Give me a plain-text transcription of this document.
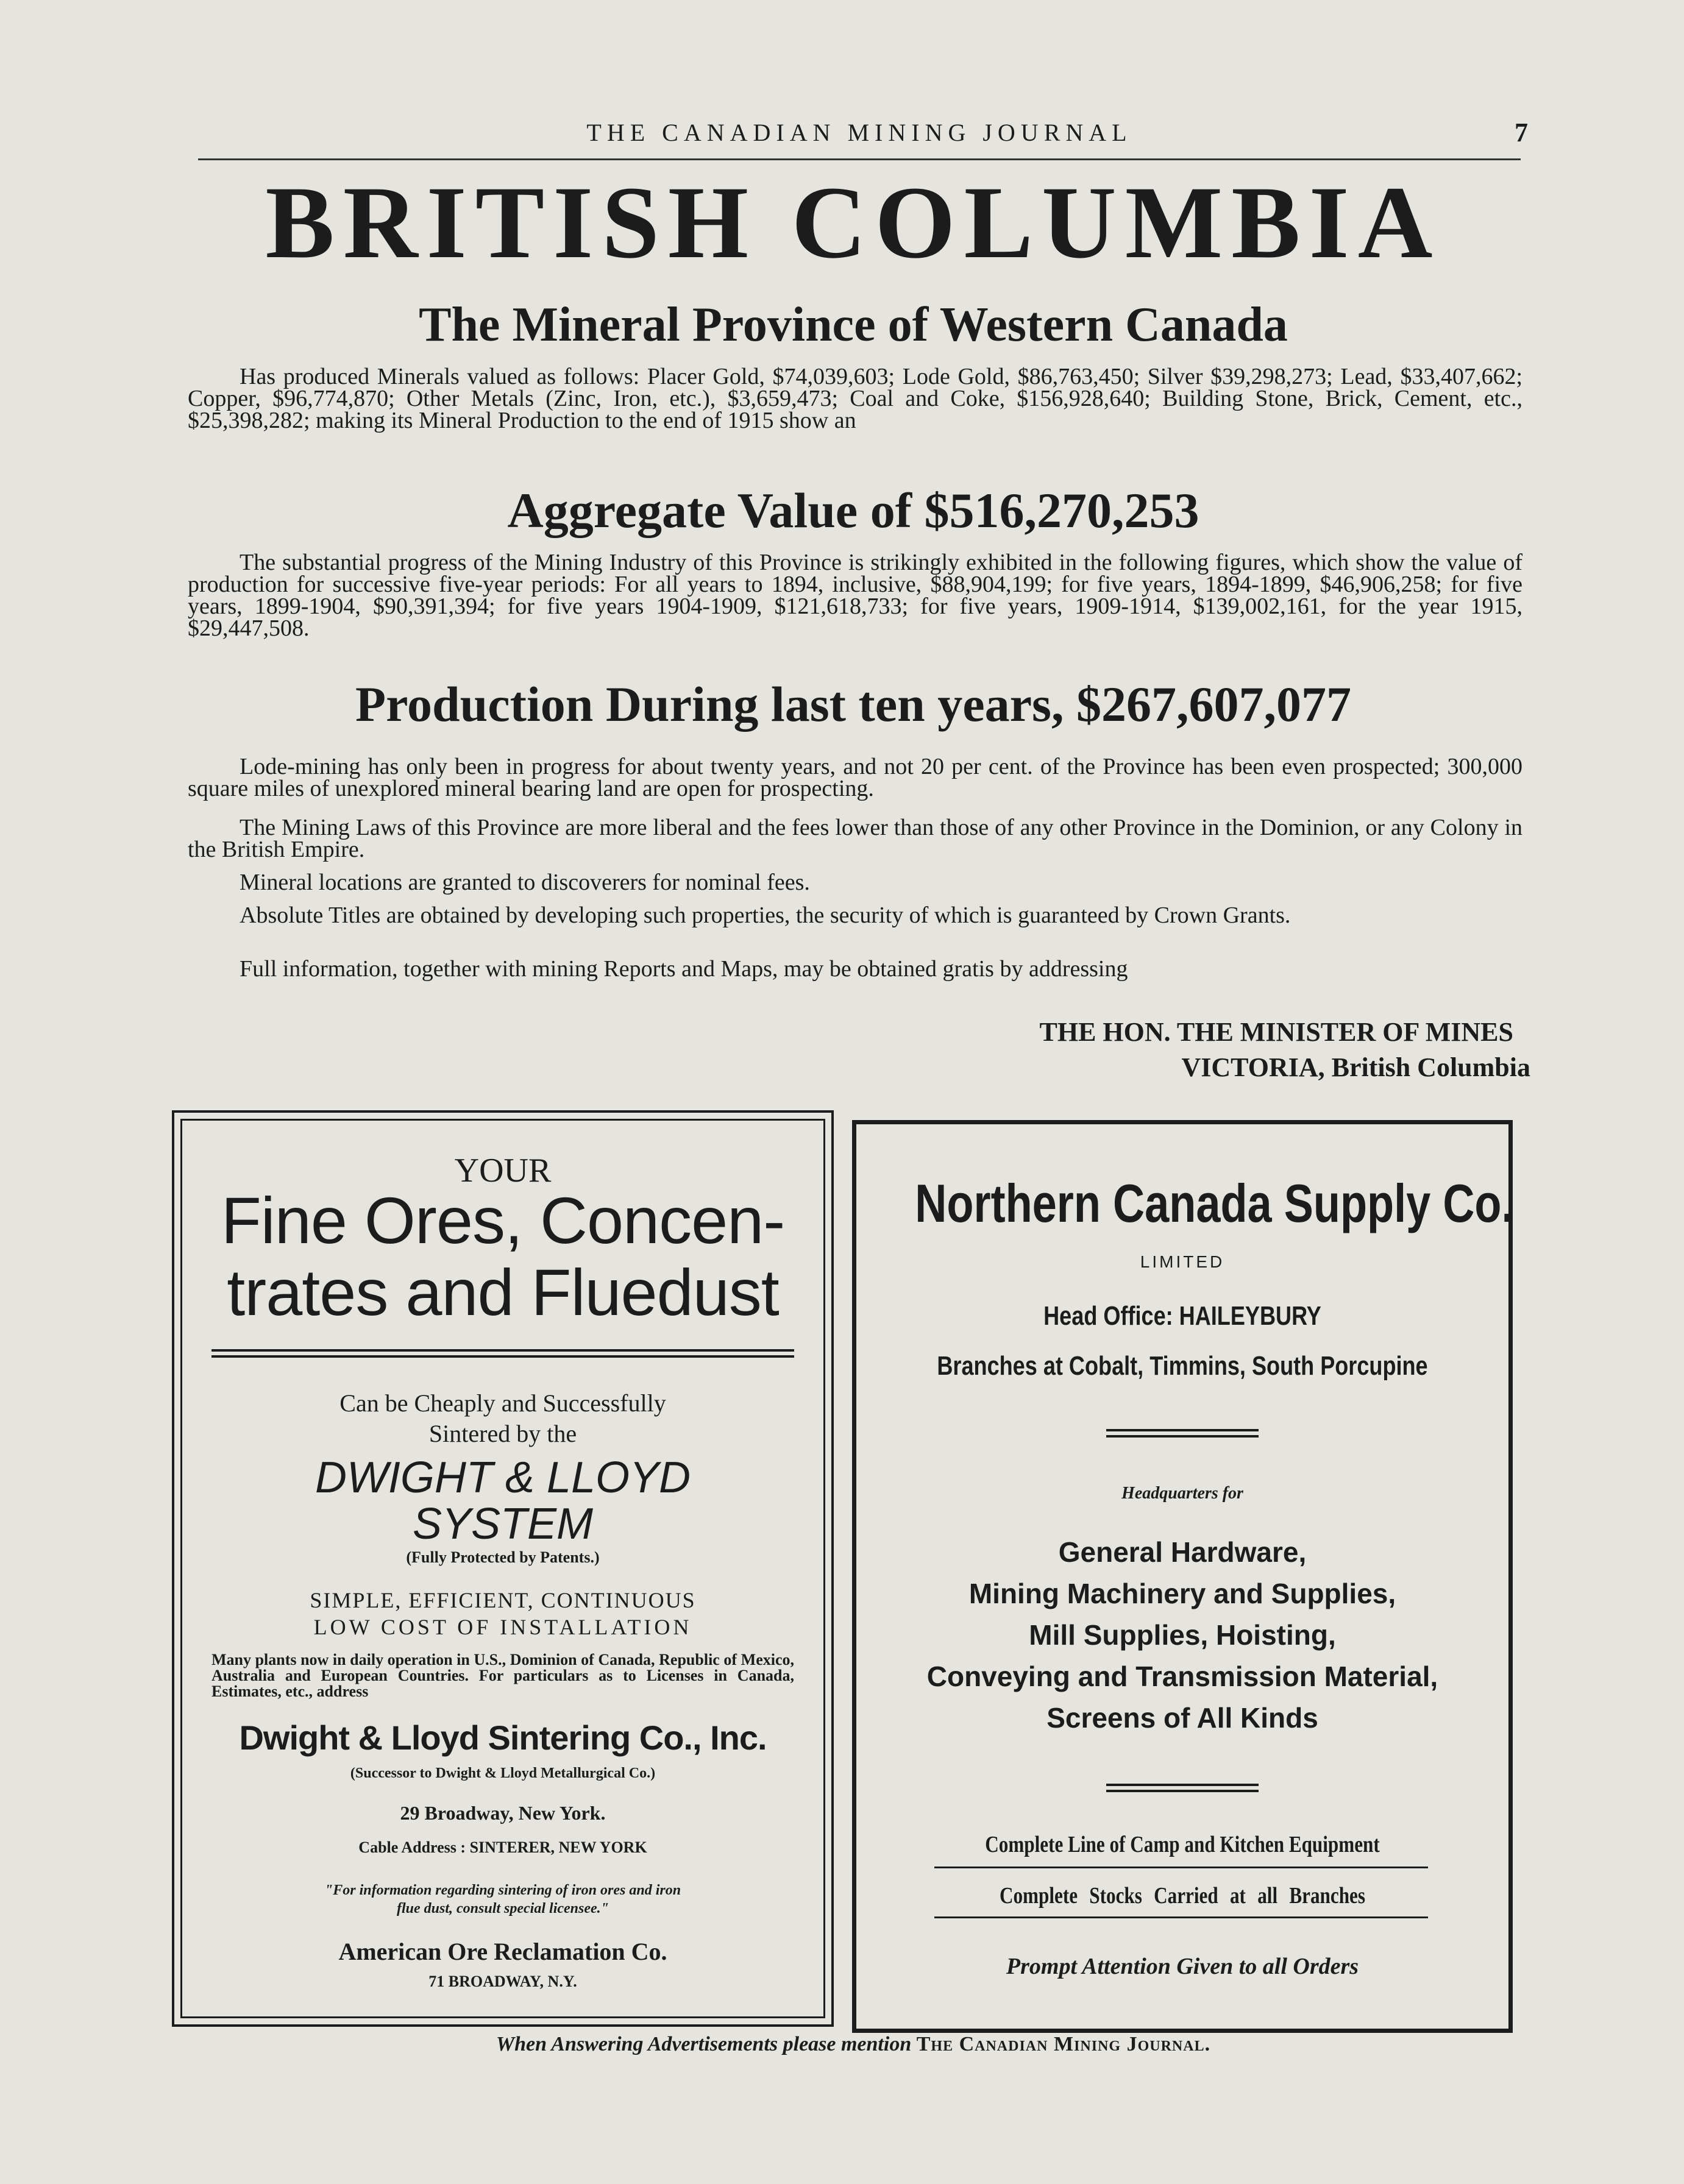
THE CANADIAN MINING JOURNAL	7
BRITISH COLUMBIA
The Mineral Province of Western Canada
Has produced Minerals valued as follows: Placer Gold, $74,039,603; Lode Gold, $86,763,450; Silver $39,298,273; Lead, $33,407,662; Copper, $96,774,870; Other Metals (Zinc, Iron, etc.), $3,659,473; Coal and Coke, $156,928,640; Building Stone, Brick, Cement, etc., $25,398,282; making its Mineral Production to the end of 1915 show an
Aggregate Value of $516,270,253
The substantial progress of the Mining Industry of this Province is strikingly exhibited in the following figures, which show the value of production for successive five-year periods: For all years to 1894, inclusive, $88,904,199; for five years, 1894-1899, $46,906,258; for five years, 1899-1904, $90,391,394; for five years 1904-1909, $121,618,733; for five years, 1909-1914, $139,002,161, for the year 1915, $29,447,508.
Production During last ten years, $267,607,077
Lode-mining has only been in progress for about twenty years, and not 20 per cent. of the Province has been even prospected; 300,000 square miles of unexplored mineral bearing land are open for prospecting.
The Mining Laws of this Province are more liberal and the fees lower than those of any other Province in the Dominion, or any Colony in the British Empire.
Mineral locations are granted to discoverers for nominal fees.
Absolute Titles are obtained by developing such properties, the security of which is guaranteed by Crown Grants.
Full information, together with mining Reports and Maps, may be obtained gratis by addressing
THE HON. THE MINISTER OF MINES
VICTORIA, British Columbia
YOUR
Fine Ores, Concen-
trates and Fluedust
Can be Cheaply and Successfully
Sintered by the
DWIGHT & LLOYD
SYSTEM
(Fully Protected by Patents.)
SIMPLE, EFFICIENT, CONTINUOUS
LOW COST OF INSTALLATION
Many plants now in daily operation in U.S., Dominion of Canada, Republic of Mexico, Australia and European Countries. For particulars as to Licenses in Canada, Estimates, etc., address
Dwight & Lloyd Sintering Co., Inc.
(Successor to Dwight & Lloyd Metallurgical Co.)
29 Broadway, New York.
Cable Address : SINTERER, NEW YORK
"For information regarding sintering of iron ores and iron
flue dust, consult special licensee."
American Ore Reclamation Co.
71 BROADWAY, N.Y.
Northern Canada Supply Co.
LIMITED
Head Office: HAILEYBURY
Branches at Cobalt, Timmins, South Porcupine
Headquarters for
General Hardware,
Mining Machinery and Supplies,
Mill Supplies, Hoisting,
Conveying and Transmission Material,
Screens of All Kinds
Complete Line of Camp and Kitchen Equipment
Complete Stocks Carried at all Branches
Prompt Attention Given to all Orders
When Answering Advertisements please mention The Canadian Mining Journal.
